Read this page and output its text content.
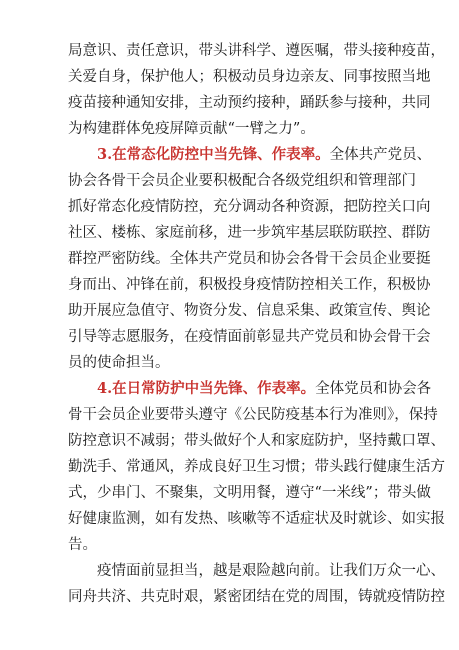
局意识、责任意识，带头讲科学、遵医嘱，带头接种疫苗，
关爱自身，保护他人；积极动员身边亲友、同事按照当地
疫苗接种通知安排，主动预约接种，踊跃参与接种，共同
为构建群体免疫屏障贡献“一臂之力”。
3.在常态化防控中当先锋、作表率。全体共产党员、
协会各骨干会员企业要积极配合各级党组织和管理部门
抓好常态化疫情防控，充分调动各种资源，把防控关口向
社区、楼栋、家庭前移，进一步筑牢基层联防联控、群防
群控严密防线。全体共产党员和协会各骨干会员企业要挺
身而出、冲锋在前，积极投身疫情防控相关工作，积极协
助开展应急值守、物资分发、信息采集、政策宣传、舆论
引导等志愿服务，在疫情面前彰显共产党员和协会骨干会
员的使命担当。
4.在日常防护中当先锋、作表率。全体党员和协会各
骨干会员企业要带头遵守《公民防疫基本行为准则》，保持
防控意识不减弱；带头做好个人和家庭防护，坚持戴口罩、
勤洗手、常通风，养成良好卫生习惯；带头践行健康生活方
式，少串门、不聚集，文明用餐，遵守“一米线”；带头做
好健康监测，如有发热、咳嗽等不适症状及时就诊、如实报
告。
疫情面前显担当，越是艰险越向前。让我们万众一心、
同舟共济、共克时艰，紧密团结在党的周围，铸就疫情防控
